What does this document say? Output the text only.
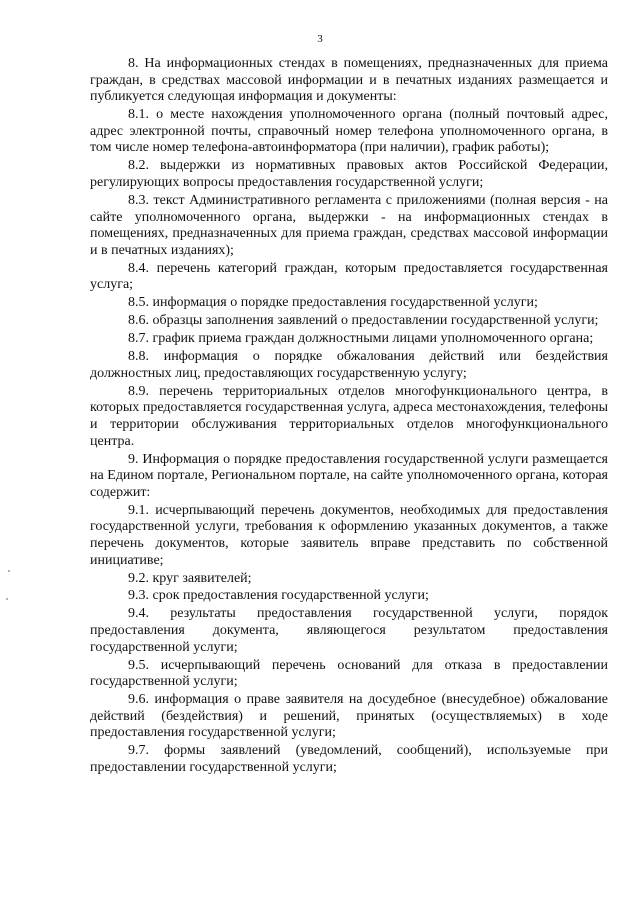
3

8. На информационных стендах в помещениях, предназначенных для приема граждан, в средствах массовой информации и в печатных изданиях размещается и публикуется следующая информация и документы:

8.1. о месте нахождения уполномоченного органа (полный почтовый адрес, адрес электронной почты, справочный номер телефона уполномоченного органа, в том числе номер телефона-автоинформатора (при наличии), график работы);

8.2. выдержки из нормативных правовых актов Российской Федерации, регулирующих вопросы предоставления государственной услуги;

8.3. текст Административного регламента с приложениями (полная версия - на сайте уполномоченного органа, выдержки - на информационных стендах в помещениях, предназначенных для приема граждан, средствах массовой информации и в печатных изданиях);

8.4. перечень категорий граждан, которым предоставляется государственная услуга;

8.5. информация о порядке предоставления государственной услуги;

8.6. образцы заполнения заявлений о предоставлении государственной услуги;

8.7. график приема граждан должностными лицами уполномоченного органа;

8.8. информация о порядке обжалования действий или бездействия должностных лиц, предоставляющих государственную услугу;

8.9. перечень территориальных отделов многофункционального центра, в которых предоставляется государственная услуга, адреса местонахождения, телефоны и территории обслуживания территориальных отделов многофункционального центра.

9. Информация о порядке предоставления государственной услуги размещается на Едином портале, Региональном портале, на сайте уполномоченного органа, которая содержит:

9.1. исчерпывающий перечень документов, необходимых для предоставления государственной услуги, требования к оформлению указанных документов, а также перечень документов, которые заявитель вправе представить по собственной инициативе;

9.2. круг заявителей;

9.3. срок предоставления государственной услуги;

9.4. результаты предоставления государственной услуги, порядок предоставления документа, являющегося результатом предоставления государственной услуги;

9.5. исчерпывающий перечень оснований для отказа в предоставлении государственной услуги;

9.6. информация о праве заявителя на досудебное (внесудебное) обжалование действий (бездействия) и решений, принятых (осуществляемых) в ходе предоставления государственной услуги;

9.7. формы заявлений (уведомлений, сообщений), используемые при предоставлении государственной услуги;
